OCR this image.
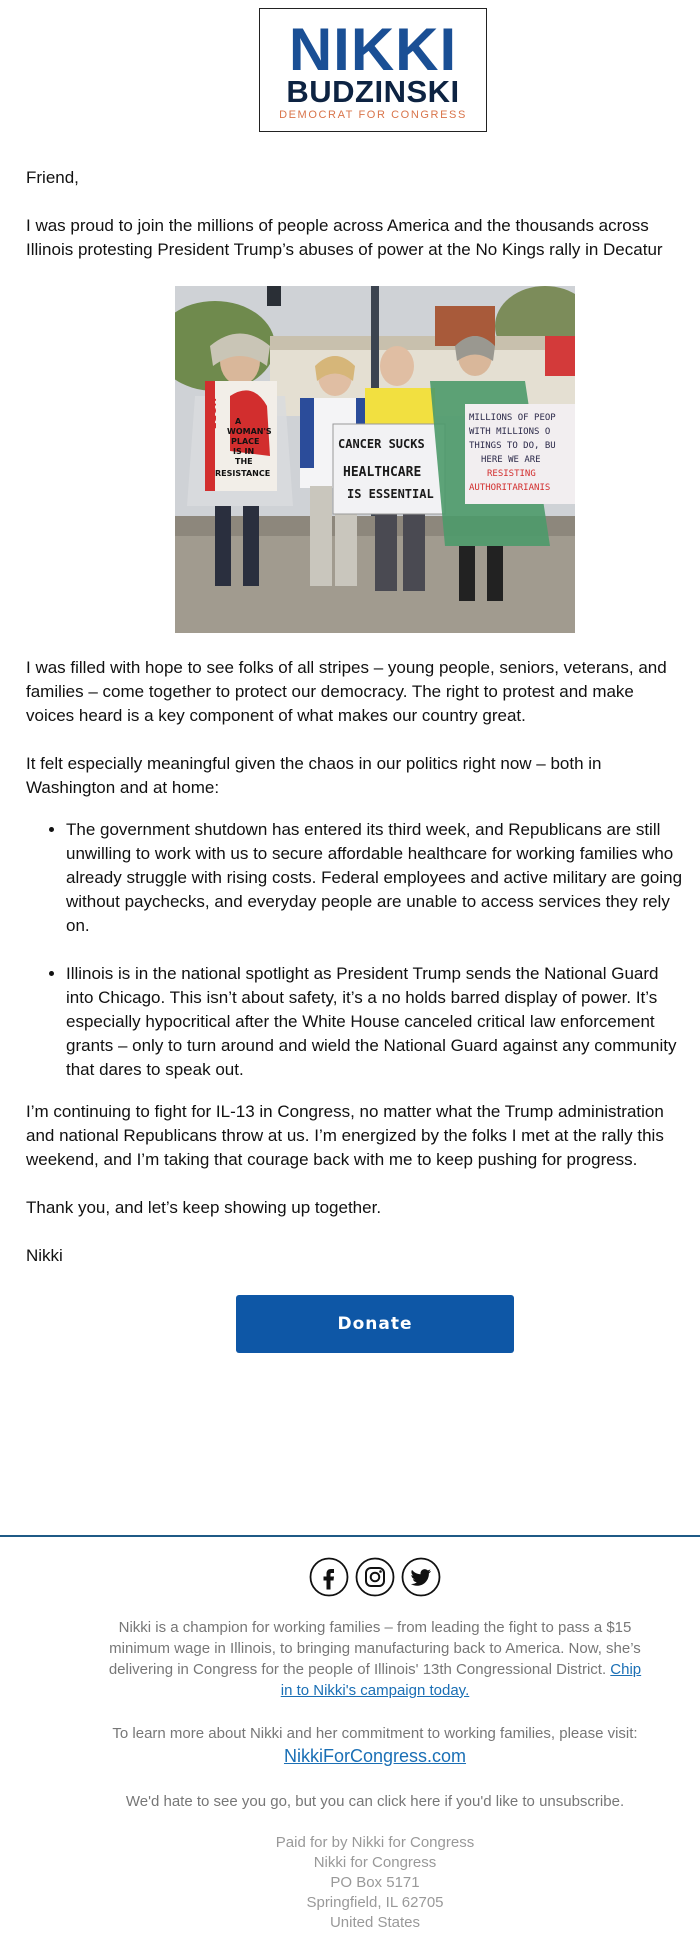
NIKKI
BUDZINSKI
DEMOCRAT FOR CONGRESS
Friend,
I was proud to join the millions of people across America and the thousands across
Illinois protesting President Trump’s abuses of power at the No Kings rally in Decatur
HOPE A
WOMAN'S
PLACE
IS IN
THE
RESISTANCE
CANCER SUCKS
HEALTHCARE
IS ESSENTIAL
MILLIONS OF PEOP
WITH MILLIONS O
THINGS TO DO, BU
HERE WE ARE
RESISTING
AUTHORITARIANIS
I was filled with hope to see folks of all stripes – young people, seniors, veterans, and
families – come together to protect our democracy. The right to protest and make
voices heard is a key component of what makes our country great.
It felt especially meaningful given the chaos in our politics right now – both in
Washington and at home:
• The government shutdown has entered its third week, and Republicans are still
unwilling to work with us to secure affordable healthcare for working families who
already struggle with rising costs. Federal employees and active military are going
without paychecks, and everyday people are unable to access services they rely
on.
• Illinois is in the national spotlight as President Trump sends the National Guard
into Chicago. This isn’t about safety, it’s a no holds barred display of power. It’s
especially hypocritical after the White House canceled critical law enforcement
grants – only to turn around and wield the National Guard against any community
that dares to speak out.
I’m continuing to fight for IL-13 in Congress, no matter what the Trump administration
and national Republicans throw at us. I’m energized by the folks I met at the rally this
weekend, and I’m taking that courage back with me to keep pushing for progress.
Thank you, and let’s keep showing up together.
Nikki
Donate
Nikki is a champion for working families – from leading the fight to pass a $15
minimum wage in Illinois, to bringing manufacturing back to America. Now, she’s
delivering in Congress for the people of Illinois' 13th Congressional District. Chip
in to Nikki's campaign today.
To learn more about Nikki and her commitment to working families, please visit:
NikkiForCongress.com
We'd hate to see you go, but you can click here if you'd like to unsubscribe.
Paid for by Nikki for Congress
Nikki for Congress
PO Box 5171
Springfield, IL 62705
United States
